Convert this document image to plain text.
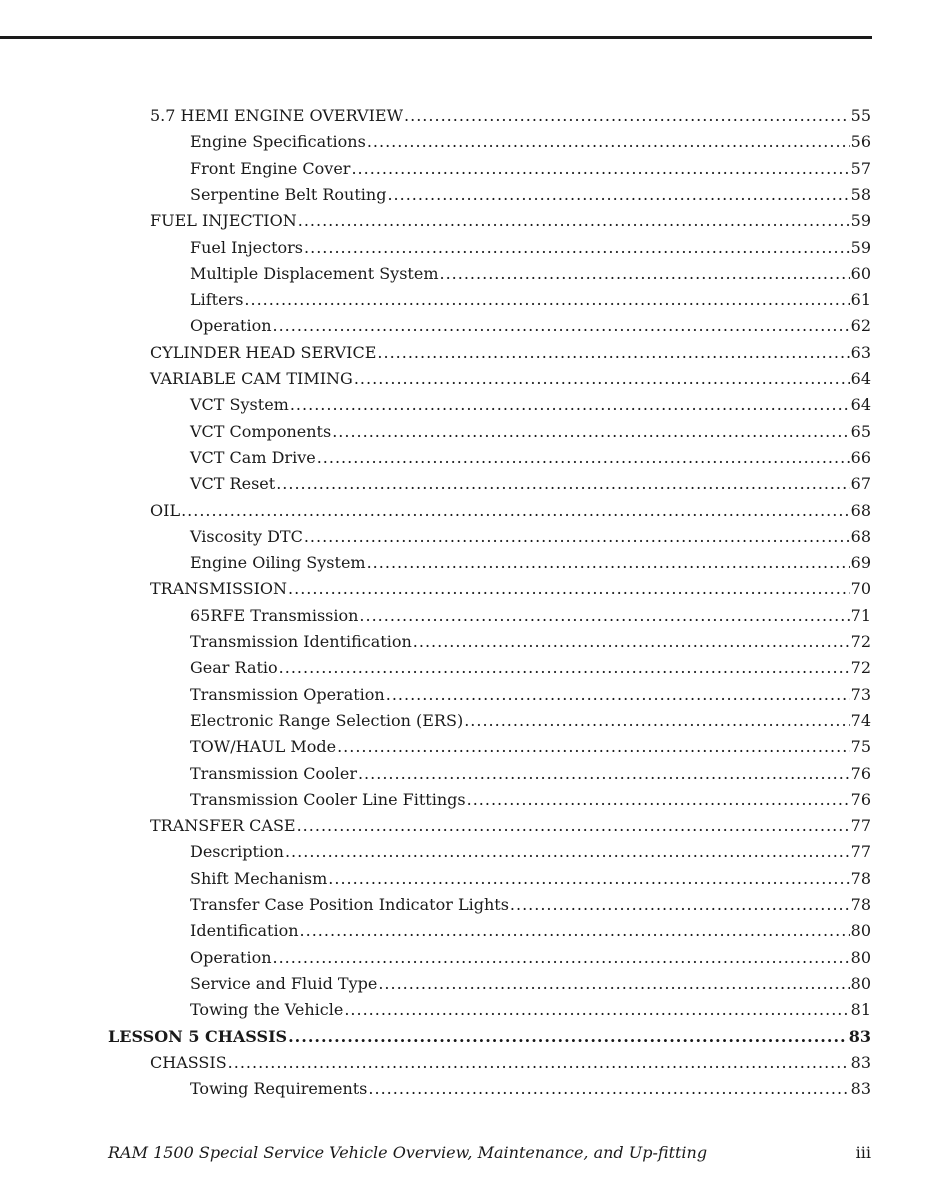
5.7 HEMI ENGINE OVERVIEW .....	55
Engine Specifications .....	56
Front Engine Cover .....	57
Serpentine Belt Routing .....	58
FUEL INJECTION .....	59
Fuel Injectors .....	59
Multiple Displacement System .....	60
Lifters .....	61
Operation .....	62
CYLINDER HEAD SERVICE .....	63
VARIABLE CAM TIMING .....	64
VCT System .....	64
VCT Components .....	65
VCT Cam Drive .....	66
VCT Reset .....	67
OIL .....	68
Viscosity DTC .....	68
Engine Oiling System .....	69
TRANSMISSION .....	70
65RFE Transmission .....	71
Transmission Identification .....	72
Gear Ratio .....	72
Transmission Operation .....	73
Electronic Range Selection (ERS) .....	74
TOW/HAUL Mode .....	75
Transmission Cooler .....	76
Transmission Cooler Line Fittings .....	76
TRANSFER CASE .....	77
Description .....	77
Shift Mechanism .....	78
Transfer Case Position Indicator Lights .....	78
Identification .....	80
Operation .....	80
Service and Fluid Type .....	80
Towing the Vehicle .....	81
LESSON 5 CHASSIS .....	83
CHASSIS .....	83
Towing Requirements .....	83
RAM 1500 Special Service Vehicle Overview, Maintenance, and Up-fitting	iii
